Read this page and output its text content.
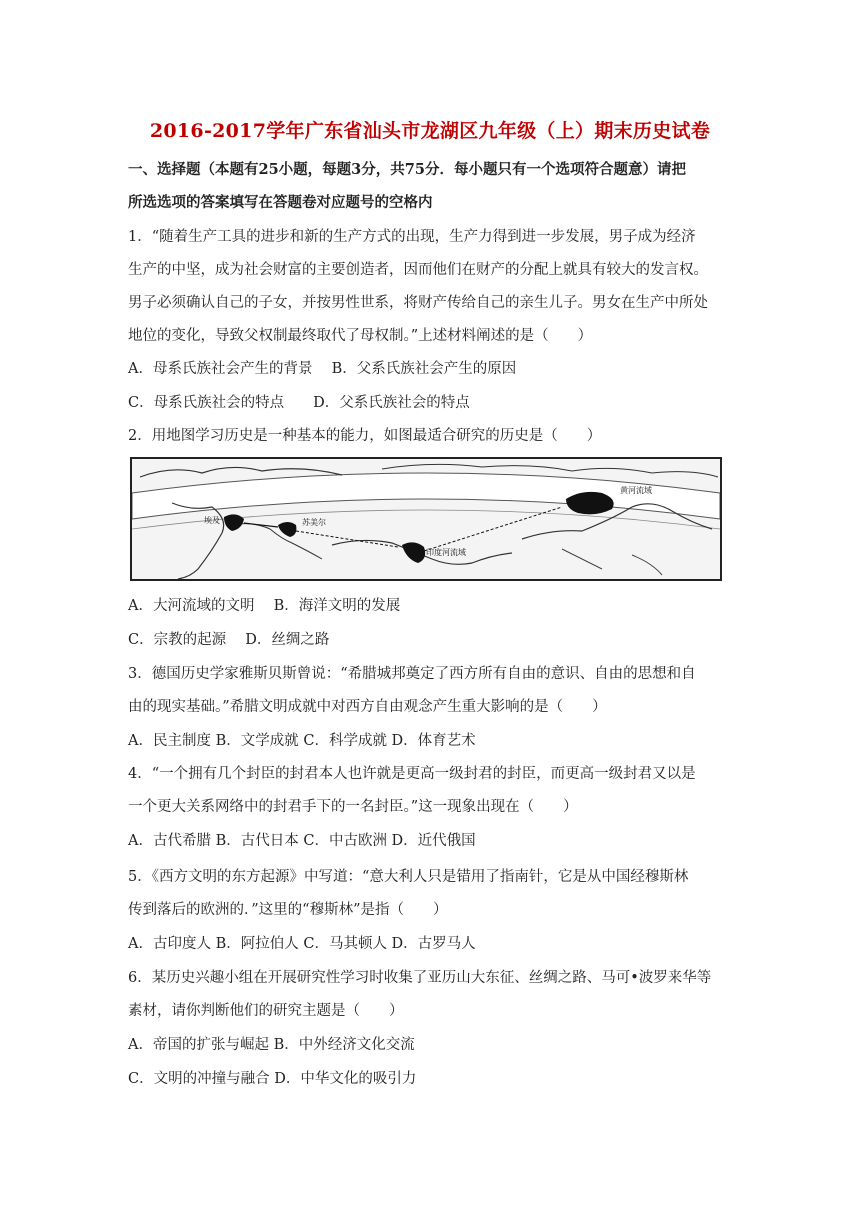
2016-2017学年广东省汕头市龙湖区九年级（上）期末历史试卷
一、选择题（本题有25小题，每题3分，共75分．每小题只有一个选项符合题意）请把
所选选项的答案填写在答题卷对应题号的空格内
1．“随着生产工具的进步和新的生产方式的出现，生产力得到进一步发展，男子成为经济
生产的中坚，成为社会财富的主要创造者，因而他们在财产的分配上就具有较大的发言权。
男子必须确认自己的子女，并按男性世系，将财产传给自己的亲生儿子。男女在生产中所处
地位的变化，导致父权制最终取代了母权制。”上述材料阐述的是（　　）
A．母系氏族社会产生的背景　 B．父系氏族社会产生的原因
C．母系氏族社会的特点　　D．父系氏族社会的特点
2．用地图学习历史是一种基本的能力，如图最适合研究的历史是（　　）
埃及	苏美尔
印度河流域
黄河流域
A．大河流域的文明　 B．海洋文明的发展
C．宗教的起源　 D．丝绸之路
3．德国历史学家雅斯贝斯曾说：“希腊城邦奠定了西方所有自由的意识、自由的思想和自
由的现实基础。”希腊文明成就中对西方自由观念产生重大影响的是（　　）
A．民主制度 B．文学成就 C．科学成就 D．体育艺术
4．“一个拥有几个封臣的封君本人也许就是更高一级封君的封臣，而更高一级封君又以是
一个更大关系网络中的封君手下的一名封臣。”这一现象出现在（　　）
A．古代希腊 B．古代日本 C．中古欧洲 D．近代俄国
5．《西方文明的东方起源》中写道：“意大利人只是错用了指南针，它是从中国经穆斯林
传到落后的欧洲的．”这里的“穆斯林”是指（　　）
A．古印度人 B．阿拉伯人 C．马其顿人 D．古罗马人
6．某历史兴趣小组在开展研究性学习时收集了亚历山大东征、丝绸之路、马可•波罗来华等
素材，请你判断他们的研究主题是（　　）
A．帝国的扩张与崛起 B．中外经济文化交流
C．文明的冲撞与融合 D．中华文化的吸引力
